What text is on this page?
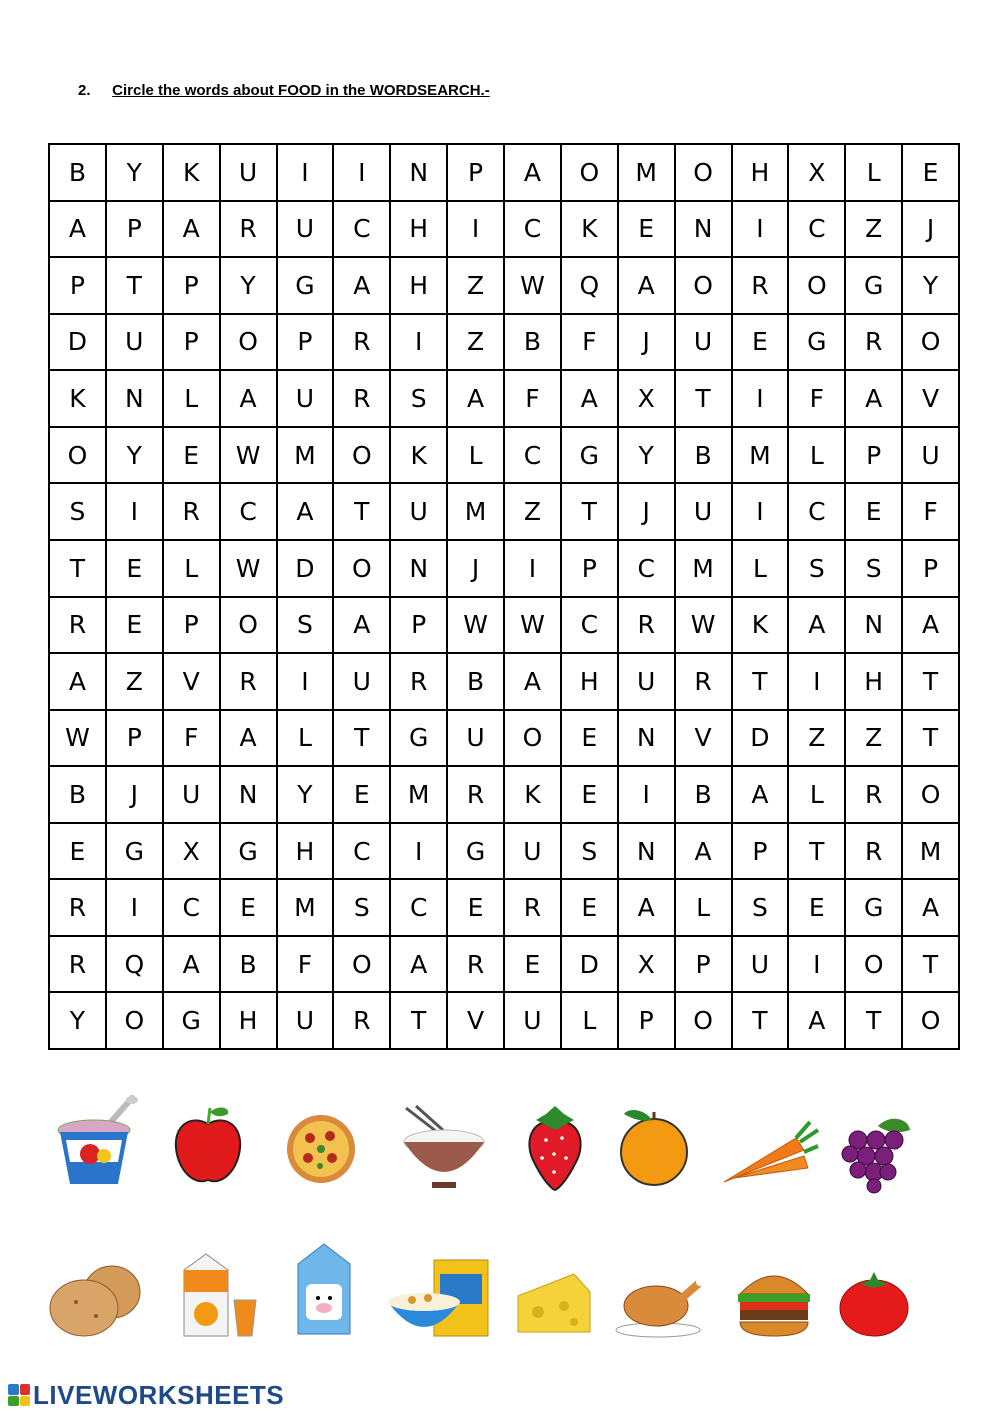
2. Circle the words about FOOD in the WORDSEARCH.-
B	Y	K	U	I	I	N	P	A	O	M	O	H	X	L	E
A	P	A	R	U	C	H	I	C	K	E	N	I	C	Z	J
P	T	P	Y	G	A	H	Z	W	Q	A	O	R	O	G	Y
D	U	P	O	P	R	I	Z	B	F	J	U	E	G	R	O
K	N	L	A	U	R	S	A	F	A	X	T	I	F	A	V
O	Y	E	W	M	O	K	L	C	G	Y	B	M	L	P	U
S	I	R	C	A	T	U	M	Z	T	J	U	I	C	E	F
T	E	L	W	D	O	N	J	I	P	C	M	L	S	S	P
R	E	P	O	S	A	P	W	W	C	R	W	K	A	N	A
A	Z	V	R	I	U	R	B	A	H	U	R	T	I	H	T
W	P	F	A	L	T	G	U	O	E	N	V	D	Z	Z	T
B	J	U	N	Y	E	M	R	K	E	I	B	A	L	R	O
E	G	X	G	H	C	I	G	U	S	N	A	P	T	R	M
R	I	C	E	M	S	C	E	R	E	A	L	S	E	G	A
R	Q	A	B	F	O	A	R	E	D	X	P	U	I	O	T
Y	O	G	H	U	R	T	V	U	L	P	O	T	A	T	O
LIVEWORKSHEETS
